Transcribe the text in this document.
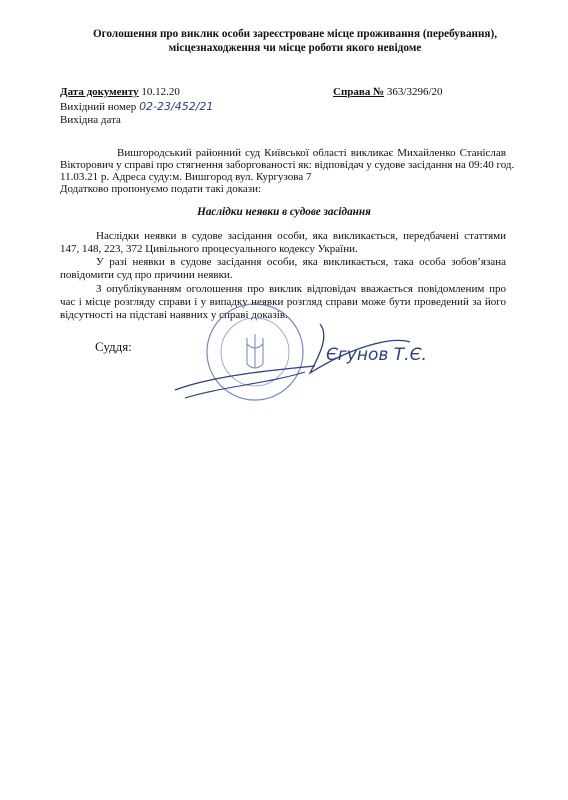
Оголошення про виклик особи зареєстроване місце проживання (перебування),
місцезнаходження чи місце роботи якого невідоме
Дата документу 10.12.20	Справа № 363/3296/20
Вихідний номер 02-23/452/21
Вихідна дата
Вишгородський районний суд Київської області викликає Михайленко Станіслав
Вікторович у справі про стягнення заборгованості як: відповідач у судове засідання на 09:40 год.
11.03.21 р. Адреса суду:м. Вишгород вул. Кургузова 7
Додатково пропонуємо подати такі докази:
Наслідки неявки в судове засідання
Наслідки неявки в судове засідання особи, яка викликається, передбачені статтями 147, 148, 223, 372 Цивільного процесуального кодексу України.
У разі неявки в судове засідання особи, яка викликається, така особа зобов’язана повідомити суд про причини неявки.
З опублікуванням оголошення про виклик відповідач вважається повідомленим про час і місце розгляду справи і у випадку неявки розгляд справи може бути проведений за його відсутності на підставі наявних у справі доказів.
Суддя:	Єгунов Т.Є.
